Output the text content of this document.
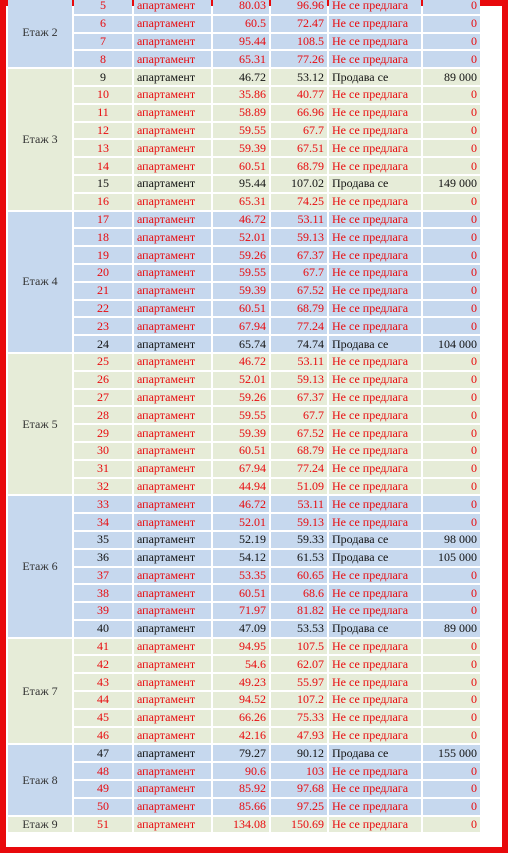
Етаж 2	5	апартамент	80.03	96.96	Не се предлага	0
	6	апартамент	60.5	72.47	Не се предлага	0
	7	апартамент	95.44	108.5	Не се предлага	0
	8	апартамент	65.31	77.26	Не се предлага	0
Етаж 3	9	апартамент	46.72	53.12	Продава се	89 000
	10	апартамент	35.86	40.77	Не се предлага	0
	11	апартамент	58.89	66.96	Не се предлага	0
	12	апартамент	59.55	67.7	Не се предлага	0
	13	апартамент	59.39	67.51	Не се предлага	0
	14	апартамент	60.51	68.79	Не се предлага	0
	15	апартамент	95.44	107.02	Продава се	149 000
	16	апартамент	65.31	74.25	Не се предлага	0
Етаж 4	17	апартамент	46.72	53.11	Не се предлага	0
	18	апартамент	52.01	59.13	Не се предлага	0
	19	апартамент	59.26	67.37	Не се предлага	0
	20	апартамент	59.55	67.7	Не се предлага	0
	21	апартамент	59.39	67.52	Не се предлага	0
	22	апартамент	60.51	68.79	Не се предлага	0
	23	апартамент	67.94	77.24	Не се предлага	0
	24	апартамент	65.74	74.74	Продава се	104 000
Етаж 5	25	апартамент	46.72	53.11	Не се предлага	0
	26	апартамент	52.01	59.13	Не се предлага	0
	27	апартамент	59.26	67.37	Не се предлага	0
	28	апартамент	59.55	67.7	Не се предлага	0
	29	апартамент	59.39	67.52	Не се предлага	0
	30	апартамент	60.51	68.79	Не се предлага	0
	31	апартамент	67.94	77.24	Не се предлага	0
	32	апартамент	44.94	51.09	Не се предлага	0
Етаж 6	33	апартамент	46.72	53.11	Не се предлага	0
	34	апартамент	52.01	59.13	Не се предлага	0
	35	апартамент	52.19	59.33	Продава се	98 000
	36	апартамент	54.12	61.53	Продава се	105 000
	37	апартамент	53.35	60.65	Не се предлага	0
	38	апартамент	60.51	68.6	Не се предлага	0
	39	апартамент	71.97	81.82	Не се предлага	0
	40	апартамент	47.09	53.53	Продава се	89 000
Етаж 7	41	апартамент	94.95	107.5	Не се предлага	0
	42	апартамент	54.6	62.07	Не се предлага	0
	43	апартамент	49.23	55.97	Не се предлага	0
	44	апартамент	94.52	107.2	Не се предлага	0
	45	апартамент	66.26	75.33	Не се предлага	0
	46	апартамент	42.16	47.93	Не се предлага	0
Етаж 8	47	апартамент	79.27	90.12	Продава се	155 000
	48	апартамент	90.6	103	Не се предлага	0
	49	апартамент	85.92	97.68	Не се предлага	0
	50	апартамент	85.66	97.25	Не се предлага	0
Етаж 9	51	апартамент	134.08	150.69	Не се предлага	0
